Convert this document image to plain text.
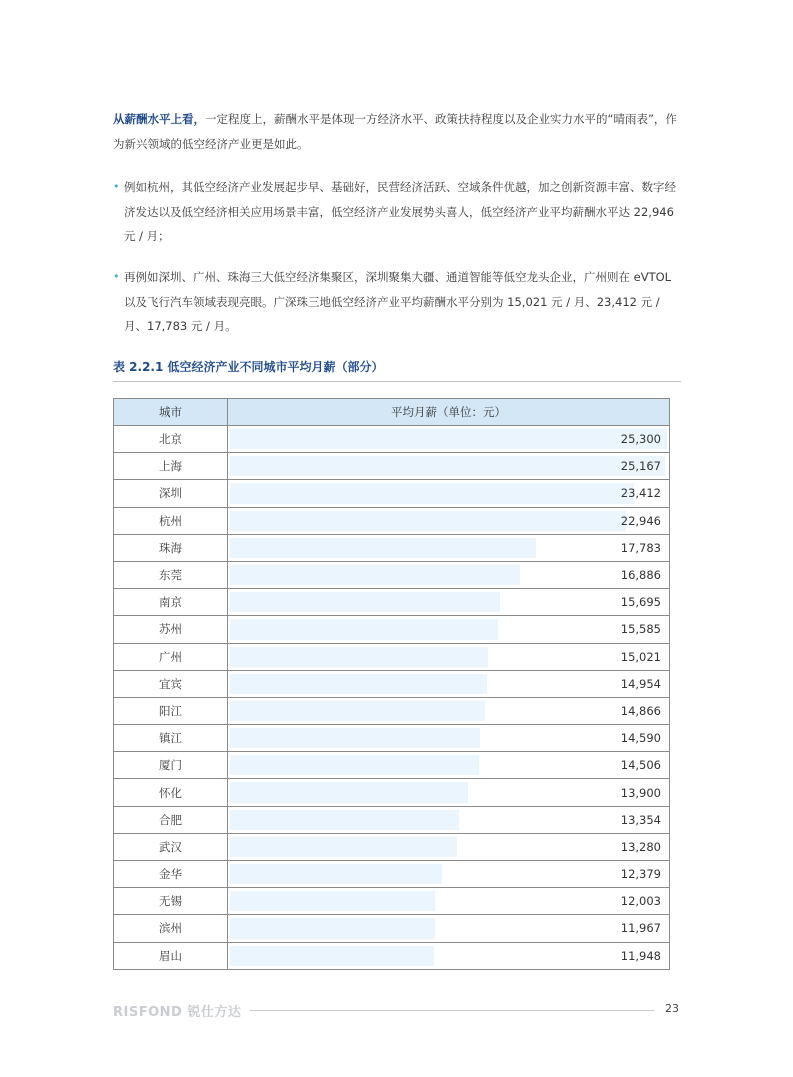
从薪酬水平上看，一定程度上，薪酬水平是体现一方经济水平、政策扶持程度以及企业实力水平的“晴雨表”，作为新兴领域的低空经济产业更是如此。

• 例如杭州，其低空经济产业发展起步早、基础好，民营经济活跃、空域条件优越，加之创新资源丰富、数字经济发达以及低空经济相关应用场景丰富，低空经济产业发展势头喜人，低空经济产业平均薪酬水平达 22,946 元 / 月；
• 再例如深圳、广州、珠海三大低空经济集聚区，深圳聚集大疆、通道智能等低空龙头企业，广州则在 eVTOL 以及飞行汽车领域表现亮眼。广深珠三地低空经济产业平均薪酬水平分别为 15,021 元 / 月、23,412 元 / 月、17,783 元 / 月。
表 2.2.1 低空经济产业不同城市平均月薪（部分）
城市	平均月薪（单位：元）
北京	25,300

上海	25,167

深圳	23,412

杭州	22,946

珠海	17,783

东莞	16,886

南京	15,695

苏州	15,585

广州	15,021

宜宾	14,954

阳江	14,866

镇江	14,590

厦门	14,506

怀化	13,900

合肥	13,354

武汉	13,280

金华	12,379

无锡	12,003

滨州	11,967

眉山	11,948
RISFOND 锐仕方达	23
